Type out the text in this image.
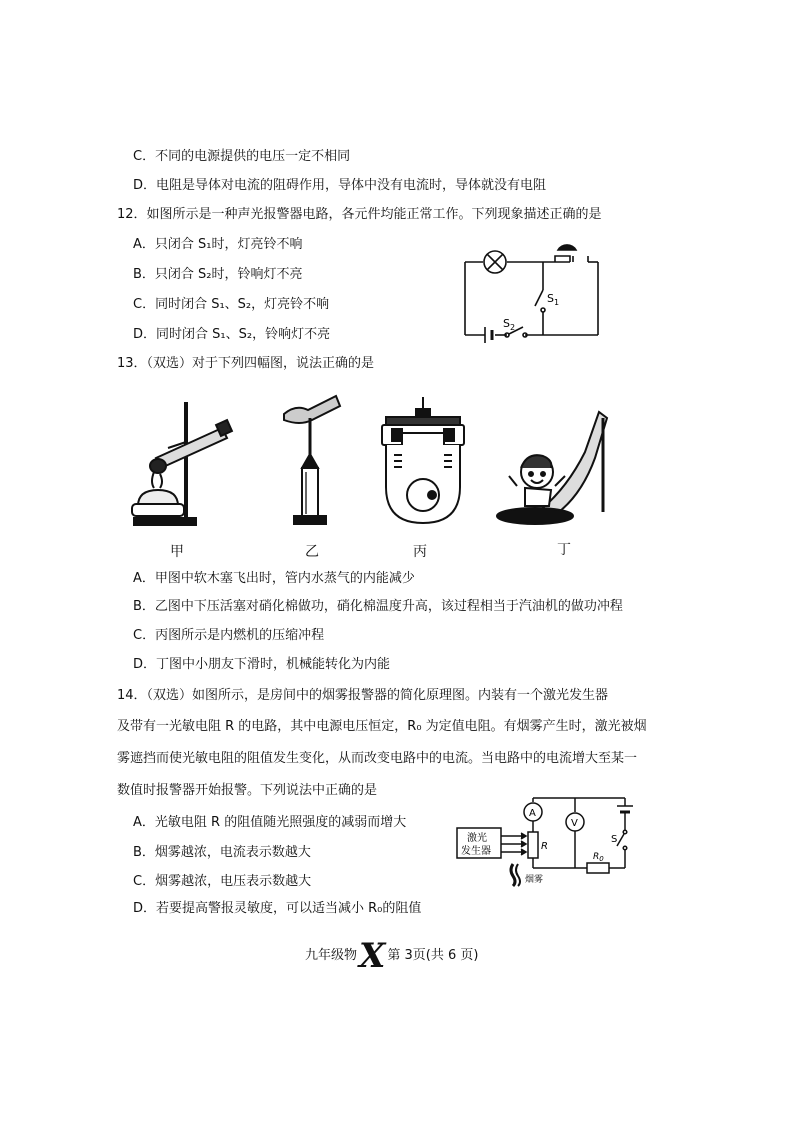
C．不同的电源提供的电压一定不相同
D．电阻是导体对电流的阻碍作用，导体中没有电流时，导体就没有电阻
12．如图所示是一种声光报警器电路，各元件均能正常工作。下列现象描述正确的是
A．只闭合 S₁时，灯亮铃不响
B．只闭合 S₂时，铃响灯不亮
C．同时闭合 S₁、S₂，灯亮铃不响
D．同时闭合 S₁、S₂，铃响灯不亮
13．（双选）对于下列四幅图，说法正确的是
A．甲图中软木塞飞出时，管内水蒸气的内能减少
B．乙图中下压活塞对硝化棉做功，硝化棉温度升高，该过程相当于汽油机的做功冲程
C．丙图所示是内燃机的压缩冲程
D．丁图中小朋友下滑时，机械能转化为内能
14．（双选）如图所示，是房间中的烟雾报警器的简化原理图。内装有一个激光发生器
及带有一光敏电阻 R 的电路，其中电源电压恒定，R₀ 为定值电阻。有烟雾产生时，激光被烟
雾遮挡而使光敏电阻的阻值发生变化，从而改变电路中的电流。当电路中的电流增大至某一
数值时报警器开始报警。下列说法中正确的是
A．光敏电阻 R 的阻值随光照强度的减弱而增大
B．烟雾越浓，电流表示数越大
C．烟雾越浓，电压表示数越大
D．若要提高警报灵敏度，可以适当减小 R₀的阻值
$S_1$
$S_2$
甲	乙	丙	丁
A
V
R
$R_0$
S
激光
发生器
烟雾
九年级物X 第 3页(共 6 页)
